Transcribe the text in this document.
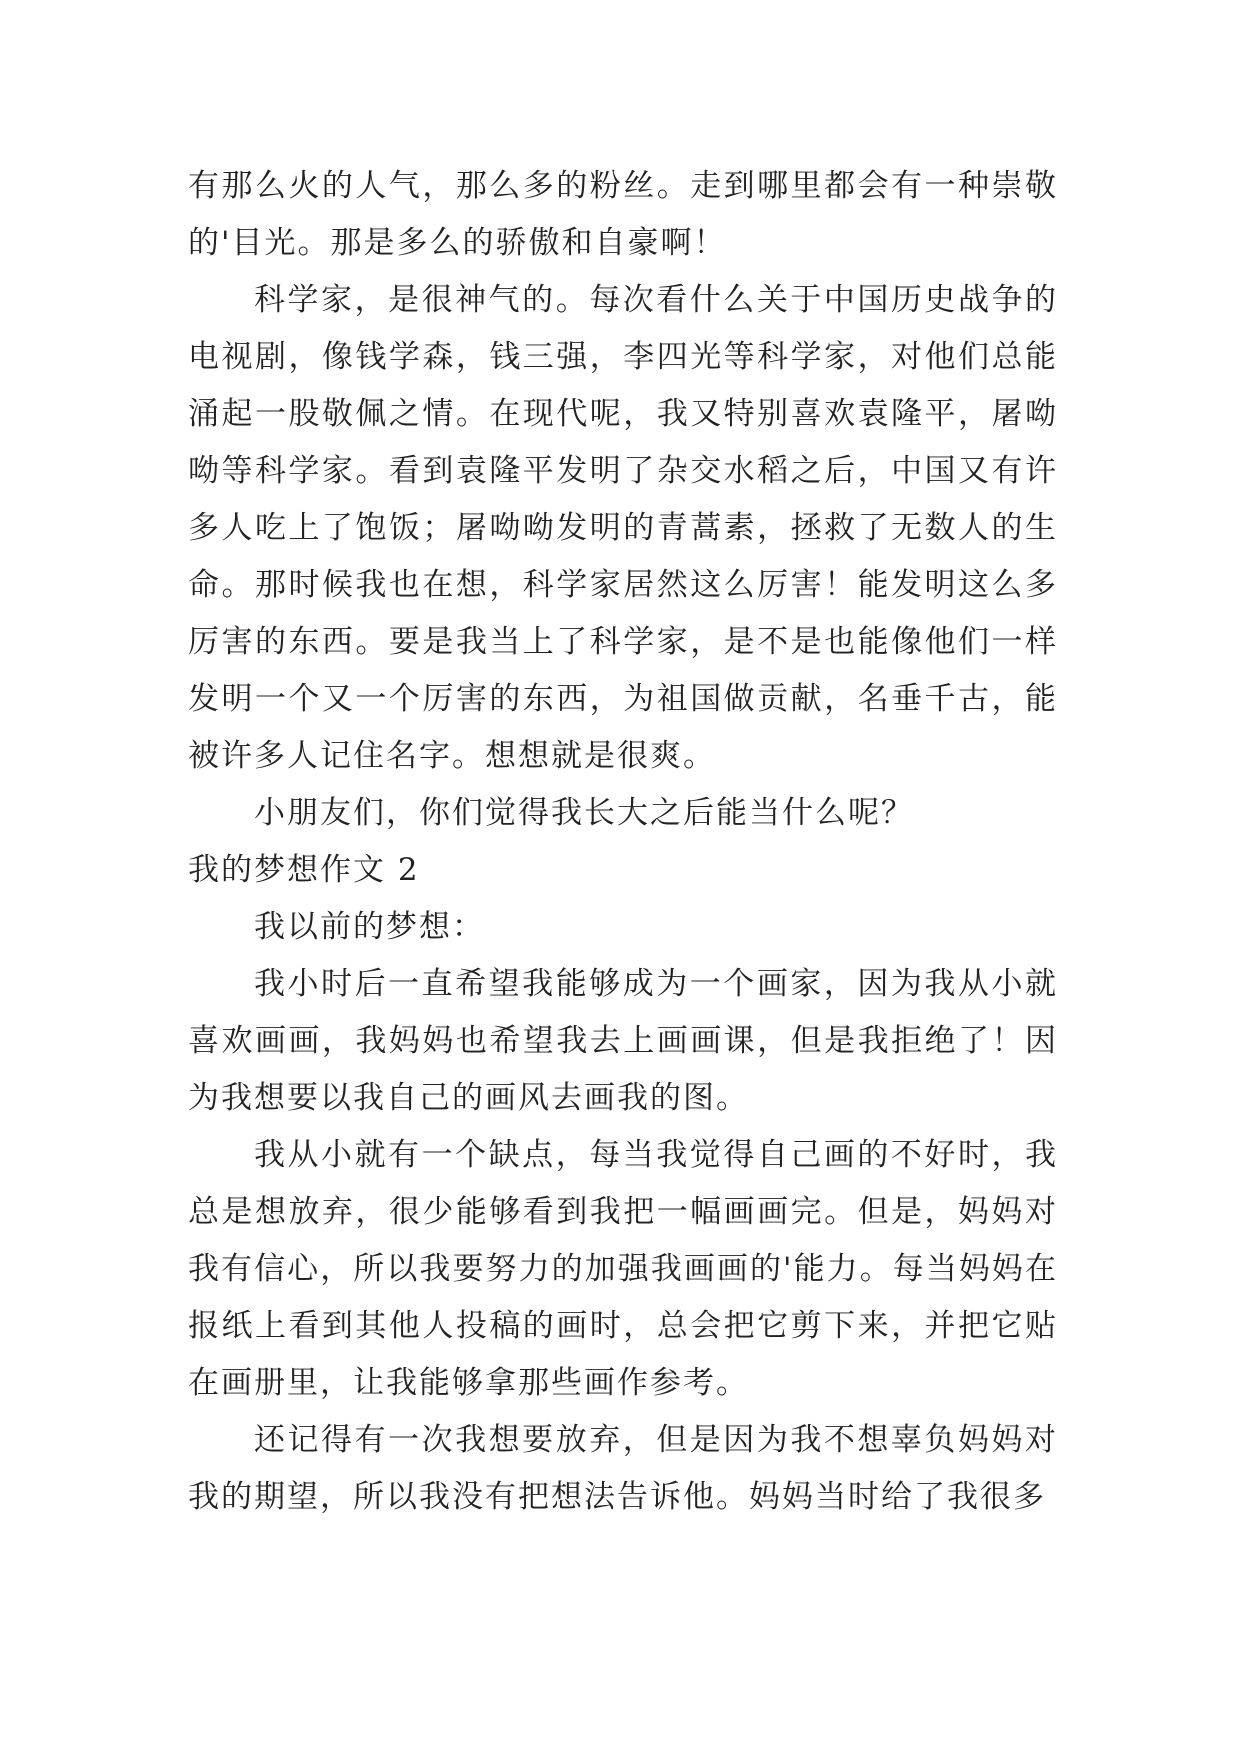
有那么火的人气，那么多的粉丝。走到哪里都会有一种崇敬的'目光。那是多么的骄傲和自豪啊！

科学家，是很神气的。每次看什么关于中国历史战争的电视剧，像钱学森，钱三强，李四光等科学家，对他们总能涌起一股敬佩之情。在现代呢，我又特别喜欢袁隆平，屠呦呦等科学家。看到袁隆平发明了杂交水稻之后，中国又有许多人吃上了饱饭；屠呦呦发明的青蒿素，拯救了无数人的生命。那时候我也在想，科学家居然这么厉害！能发明这么多厉害的东西。要是我当上了科学家，是不是也能像他们一样发明一个又一个厉害的东西，为祖国做贡献，名垂千古，能被许多人记住名字。想想就是很爽。

小朋友们，你们觉得我长大之后能当什么呢？

我的梦想作文 2

我以前的梦想：

我小时后一直希望我能够成为一个画家，因为我从小就喜欢画画，我妈妈也希望我去上画画课，但是我拒绝了！因为我想要以我自己的画风去画我的图。

我从小就有一个缺点，每当我觉得自己画的不好时，我总是想放弃，很少能够看到我把一幅画画完。但是，妈妈对我有信心，所以我要努力的加强我画画的'能力。每当妈妈在报纸上看到其他人投稿的画时，总会把它剪下来，并把它贴在画册里，让我能够拿那些画作参考。

还记得有一次我想要放弃，但是因为我不想辜负妈妈对我的期望，所以我没有把想法告诉他。妈妈当时给了我很多
